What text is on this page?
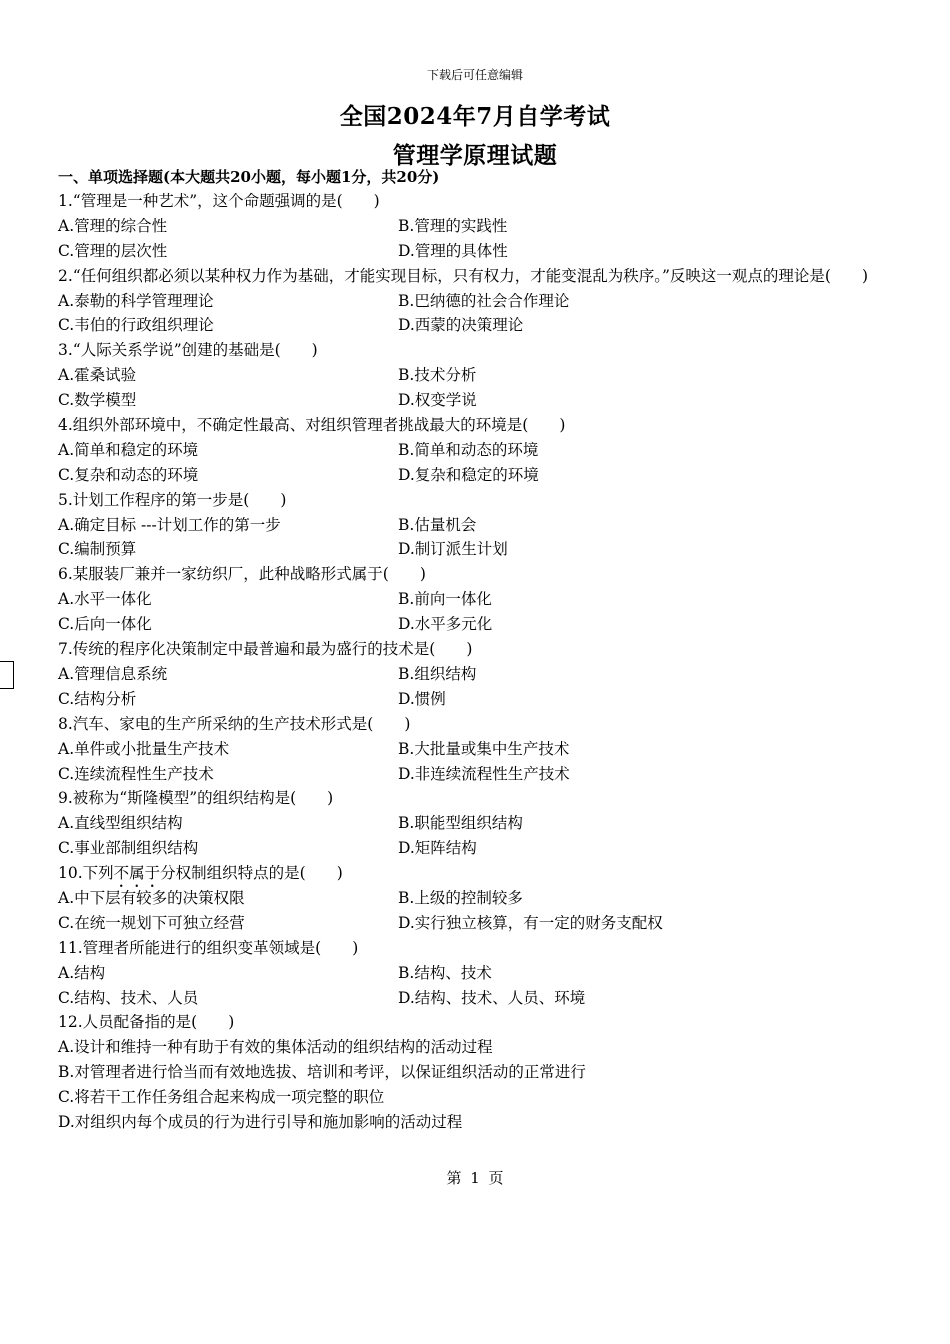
下载后可任意编辑
全国2024年7月自学考试
管理学原理试题
一、单项选择题(本大题共20小题，每小题1分，共20分)
1.“管理是一种艺术”，这个命题强调的是(　　)
A.管理的综合性	B.管理的实践性
C.管理的层次性	D.管理的具体性
2.“任何组织都必须以某种权力作为基础，才能实现目标，只有权力，才能变混乱为秩序。”反映这一观点的理论是(　　)
A.泰勒的科学管理理论	B.巴纳德的社会合作理论
C.韦伯的行政组织理论	D.西蒙的决策理论
3.“人际关系学说”创建的基础是(　　)
A.霍桑试验	B.技术分析
C.数学模型	D.权变学说
4.组织外部环境中，不确定性最高、对组织管理者挑战最大的环境是(　　)
A.简单和稳定的环境	B.简单和动态的环境
C.复杂和动态的环境	D.复杂和稳定的环境
5.计划工作程序的第一步是(　　)
A.确定目标 ---计划工作的第一步	B.估量机会
C.编制预算	D.制订派生计划
6.某服装厂兼并一家纺织厂，此种战略形式属于(　　)
A.水平一体化	B.前向一体化
C.后向一体化	D.水平多元化
7.传统的程序化决策制定中最普遍和最为盛行的技术是(　　)
A.管理信息系统	B.组织结构
C.结构分析	D.惯例
8.汽车、家电的生产所采纳的生产技术形式是(　　)
A.单件或小批量生产技术	B.大批量或集中生产技术
C.连续流程性生产技术	D.非连续流程性生产技术
9.被称为“斯隆模型”的组织结构是(　　)
A.直线型组织结构	B.职能型组织结构
C.事业部制组织结构	D.矩阵结构
10.下列不属于分权制组织特点的是(　　)
A.中下层有较多的决策权限	B.上级的控制较多
C.在统一规划下可独立经营	D.实行独立核算，有一定的财务支配权
11.管理者所能进行的组织变革领域是(　　)
A.结构	B.结构、技术
C.结构、技术、人员	D.结构、技术、人员、环境
12.人员配备指的是(　　)
A.设计和维持一种有助于有效的集体活动的组织结构的活动过程
B.对管理者进行恰当而有效地选拔、培训和考评，以保证组织活动的正常进行
C.将若干工作任务组合起来构成一项完整的职位
D.对组织内每个成员的行为进行引导和施加影响的活动过程
第 1 页
